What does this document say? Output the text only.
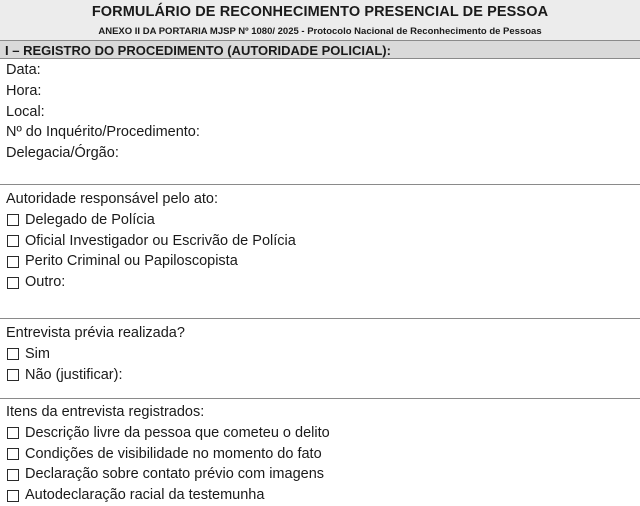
FORMULÁRIO DE RECONHECIMENTO PRESENCIAL DE PESSOA
ANEXO II DA PORTARIA MJSP Nº 1080/ 2025 - Protocolo Nacional de Reconhecimento de Pessoas
I – REGISTRO DO PROCEDIMENTO (AUTORIDADE POLICIAL):
Data:
Hora:
Local:
Nº do Inquérito/Procedimento:
Delegacia/Órgão:
Autoridade responsável pelo ato:
Delegado de Polícia
Oficial Investigador ou Escrivão de Polícia
Perito Criminal ou Papiloscopista
Outro:
Entrevista prévia realizada?
Sim
Não (justificar):
Itens da entrevista registrados:
Descrição livre da pessoa que cometeu o delito
Condições de visibilidade no momento do fato
Declaração sobre contato prévio com imagens
Autodeclaração racial da testemunha
